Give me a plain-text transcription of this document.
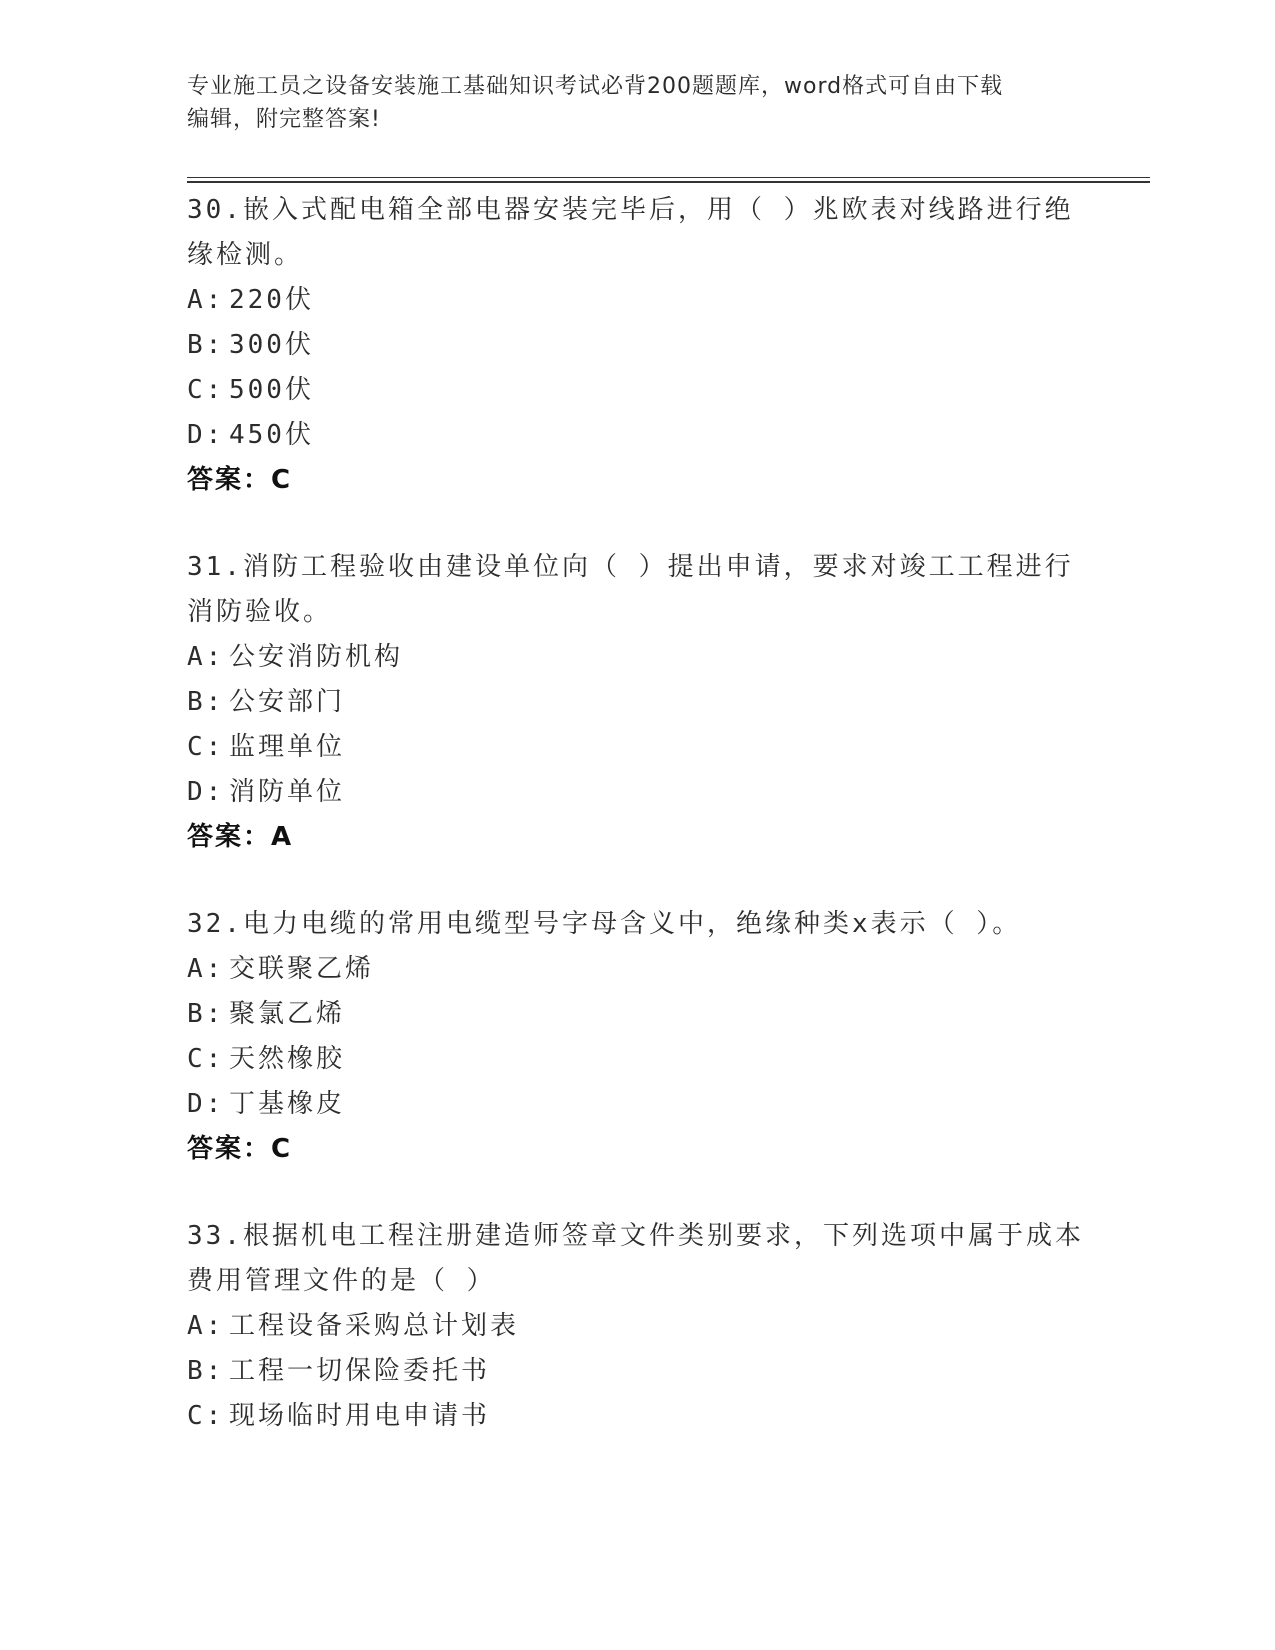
专业施工员之设备安装施工基础知识考试必背200题题库，word格式可自由下载
编辑，附完整答案!
30.嵌入式配电箱全部电器安装完毕后，用（ ）兆欧表对线路进行绝
缘检测。
A: 220伏
B: 300伏
C: 500伏
D: 450伏
答案：C
31.消防工程验收由建设单位向（ ）提出申请，要求对竣工工程进行
消防验收。
A: 公安消防机构
B: 公安部门
C: 监理单位
D: 消防单位
答案：A
32.电力电缆的常用电缆型号字母含义中，绝缘种类x表示（ ）。
A: 交联聚乙烯
B: 聚氯乙烯
C: 天然橡胶
D: 丁基橡皮
答案：C
33.根据机电工程注册建造师签章文件类别要求，下列选项中属于成本
费用管理文件的是（ ）
A: 工程设备采购总计划表
B: 工程一切保险委托书
C: 现场临时用电申请书
